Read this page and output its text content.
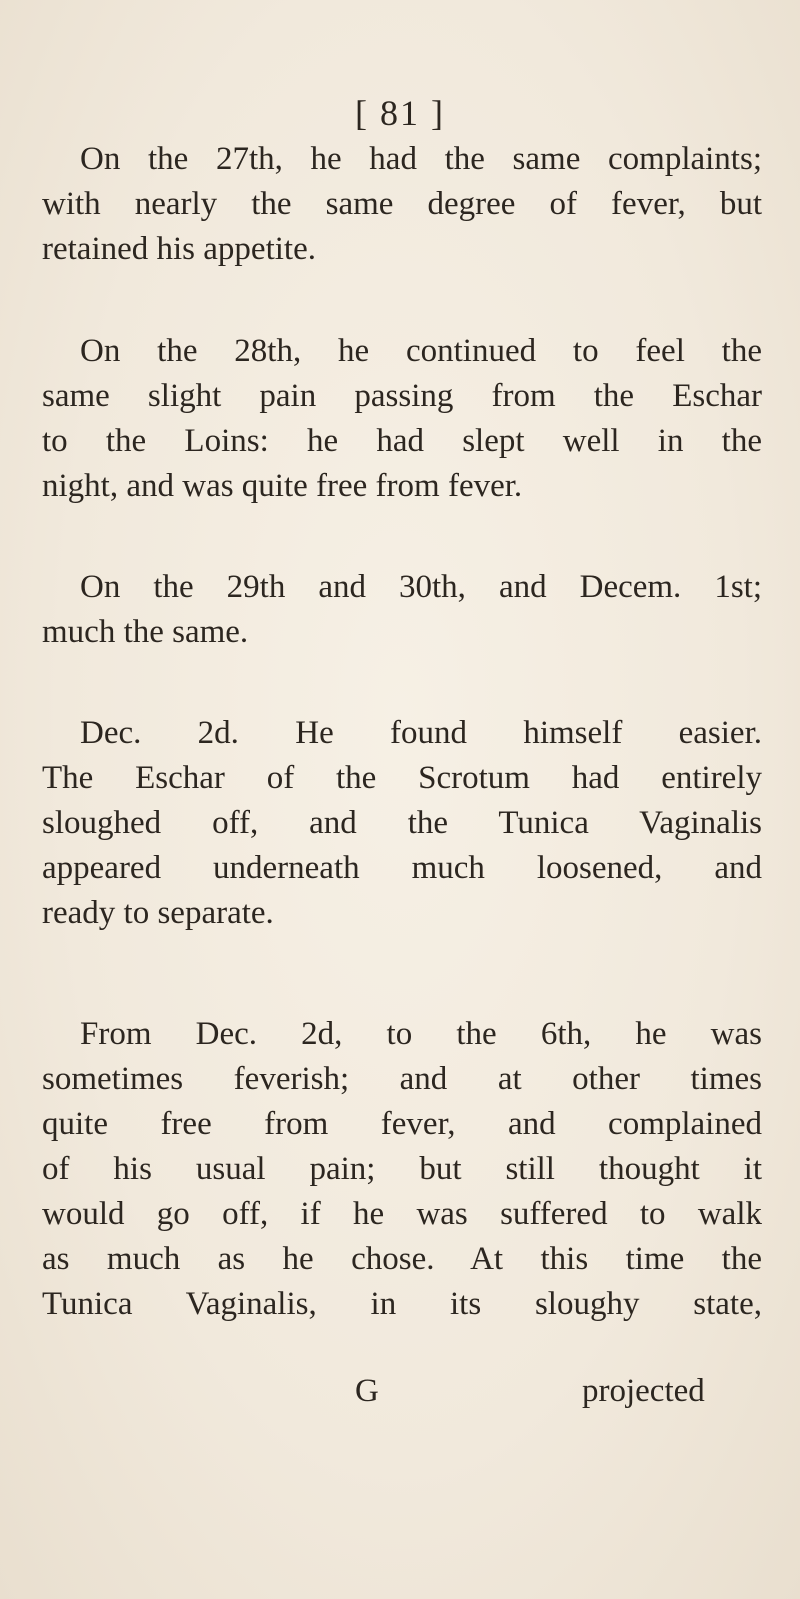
[ 81 ]
On the 27th, he had the same complaints;
with nearly the same degree of fever, but
retained his appetite.
On the 28th, he continued to feel the
same slight pain passing from the Eschar
to the Loins: he had slept well in the
night, and was quite free from fever.
On the 29th and 30th, and Decem. 1st;
much the same.
Dec. 2d. He found himself easier.
The Eschar of the Scrotum had entirely
sloughed off, and the Tunica Vaginalis
appeared underneath much loosened, and
ready to separate.
From Dec. 2d, to the 6th, he was
sometimes feverish; and at other times
quite free from fever, and complained
of his usual pain; but still thought it
would go off, if he was suffered to walk
as much as he chose. At this time the
Tunica Vaginalis, in its sloughy state,
G	projected
